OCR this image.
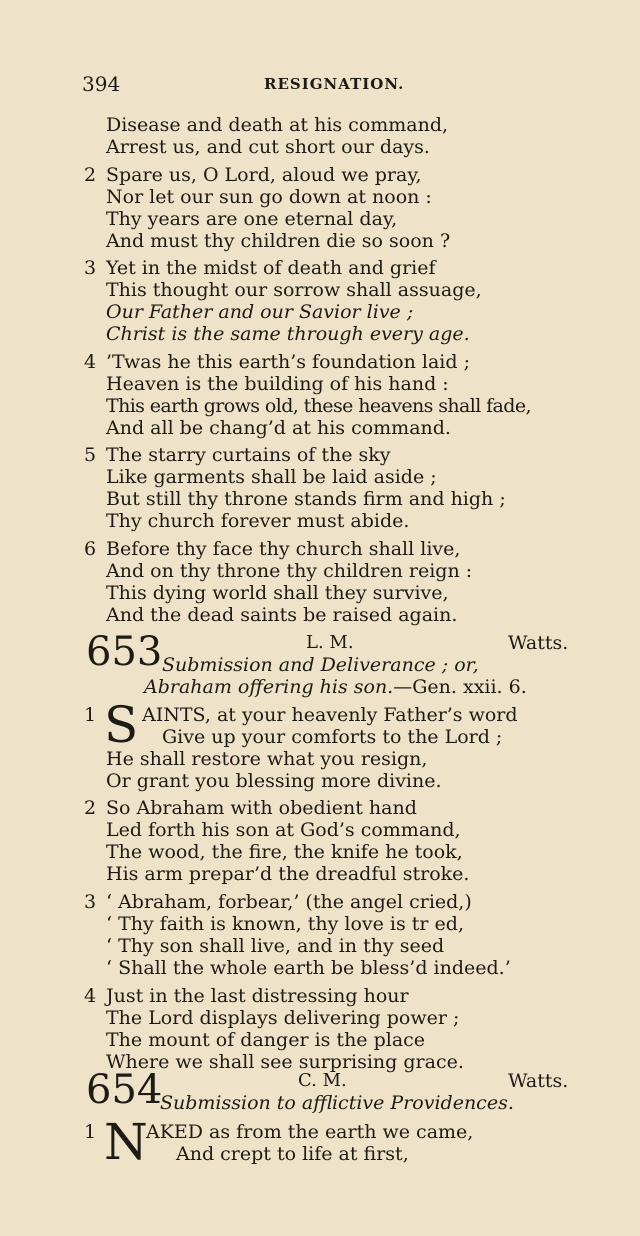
394	RESIGNATION.
Disease and death at his command,
Arrest us, and cut short our days.
2 Spare us, O Lord, aloud we pray,
Nor let our sun go down at noon :
Thy years are one eternal day,
And must thy children die so soon ?
3 Yet in the midst of death and grief
This thought our sorrow shall assuage,
Our Father and our Savior live ;
Christ is the same through every age.
4 ’Twas he this earth’s foundation laid ;
Heaven is the building of his hand :
This earth grows old, these heavens shall fade,
And all be chang’d at his command.
5 The starry curtains of the sky
Like garments shall be laid aside ;
But still thy throne stands firm and high ;
Thy church forever must abide.
6 Before thy face thy church shall live,
And on thy throne thy children reign :
This dying world shall they survive,
And the dead saints be raised again.
653	L. M.	Watts.
Submission and Deliverance ; or,
Abraham offering his son.—Gen. xxii. 6.
1 S AINTS, at your heavenly Father’s word
Give up your comforts to the Lord ;
He shall restore what you resign,
Or grant you blessing more divine.
2 So Abraham with obedient hand
Led forth his son at God’s command,
The wood, the fire, the knife he took,
His arm prepar’d the dreadful stroke.
3 ‘ Abraham, forbear,’ (the angel cried,)
‘ Thy faith is known, thy love is tr ed,
‘ Thy son shall live, and in thy seed
‘ Shall the whole earth be bless’d indeed.’
4 Just in the last distressing hour
The Lord displays delivering power ;
The mount of danger is the place
Where we shall see surprising grace.
654	C. M.	Watts.
Submission to afflictive Providences.
1 N
AKED as from the earth we came,
And crept to life at first,
